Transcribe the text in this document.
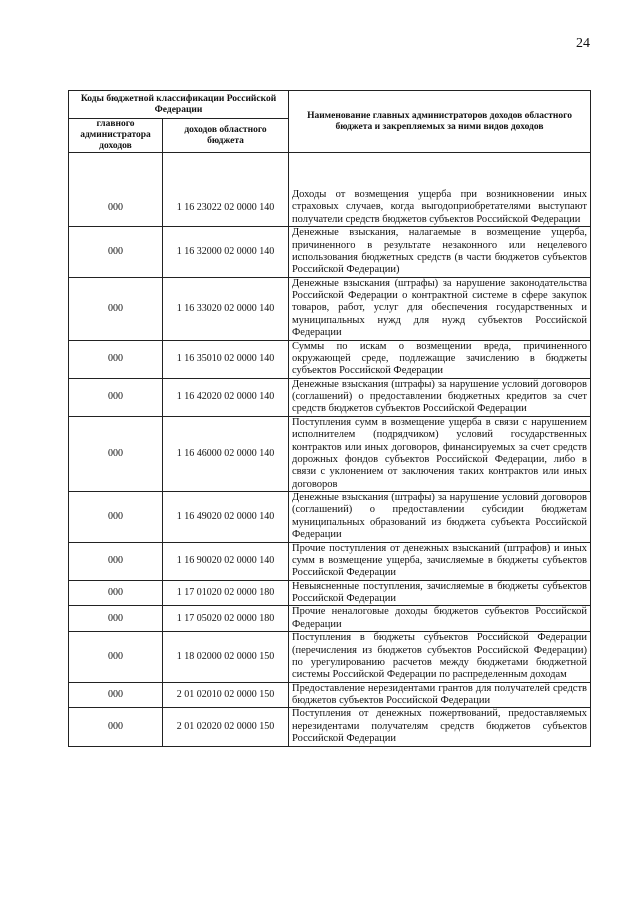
24
Коды бюджетной классификации Российской Федерации		Наименование главных администраторов доходов областного бюджета и закрепляемых за ними видов доходов
главного администратора доходов	доходов областного бюджета	

000	1 16 23022 02 0000 140	Доходы от возмещения ущерба при возникновении иных страховых случаев, когда выгодоприобретателями выступают получатели средств бюджетов субъектов Российской Федерации
000	1 16 32000 02 0000 140	Денежные взыскания, налагаемые в возмещение ущерба, причиненного в результате незаконного или нецелевого использования бюджетных средств (в части бюджетов субъектов Российской Федерации)
000	1 16 33020 02 0000 140	Денежные взыскания (штрафы) за нарушение законодательства Российской Федерации о контрактной системе в сфере закупок товаров, работ, услуг для обеспечения государственных и муниципальных нужд для нужд субъектов Российской Федерации
000	1 16 35010 02 0000 140	Суммы по искам о возмещении вреда, причиненного окружающей среде, подлежащие зачислению в бюджеты субъектов Российской Федерации
000	1 16 42020 02 0000 140	Денежные взыскания (штрафы) за нарушение условий договоров (соглашений) о предоставлении бюджетных кредитов за счет средств бюджетов субъектов Российской Федерации
000	1 16 46000 02 0000 140	Поступления сумм в возмещение ущерба в связи с нарушением исполнителем (подрядчиком) условий государственных контрактов или иных договоров, финансируемых за счет средств дорожных фондов субъектов Российской Федерации, либо в связи с уклонением от заключения таких контрактов или иных договоров
000	1 16 49020 02 0000 140	Денежные взыскания (штрафы) за нарушение условий договоров (соглашений) о предоставлении субсидии бюджетам муниципальных образований из бюджета субъекта Российской Федерации
000	1 16 90020 02 0000 140	Прочие поступления от денежных взысканий (штрафов) и иных сумм в возмещение ущерба, зачисляемые в бюджеты субъектов Российской Федерации
000	1 17 01020 02 0000 180	Невыясненные поступления, зачисляемые в бюджеты субъектов Российской Федерации
000	1 17 05020 02 0000 180	Прочие неналоговые доходы бюджетов субъектов Российской Федерации
000	1 18 02000 02 0000 150	Поступления в бюджеты субъектов Российской Федерации (перечисления из бюджетов субъектов Российской Федерации) по урегулированию расчетов между бюджетами бюджетной системы Российской Федерации по распределенным доходам
000	2 01 02010 02 0000 150	Предоставление нерезидентами грантов для получателей средств бюджетов субъектов Российской Федерации
000	2 01 02020 02 0000 150	Поступления от денежных пожертвований, предоставляемых нерезидентами получателям средств бюджетов субъектов Российской Федерации
